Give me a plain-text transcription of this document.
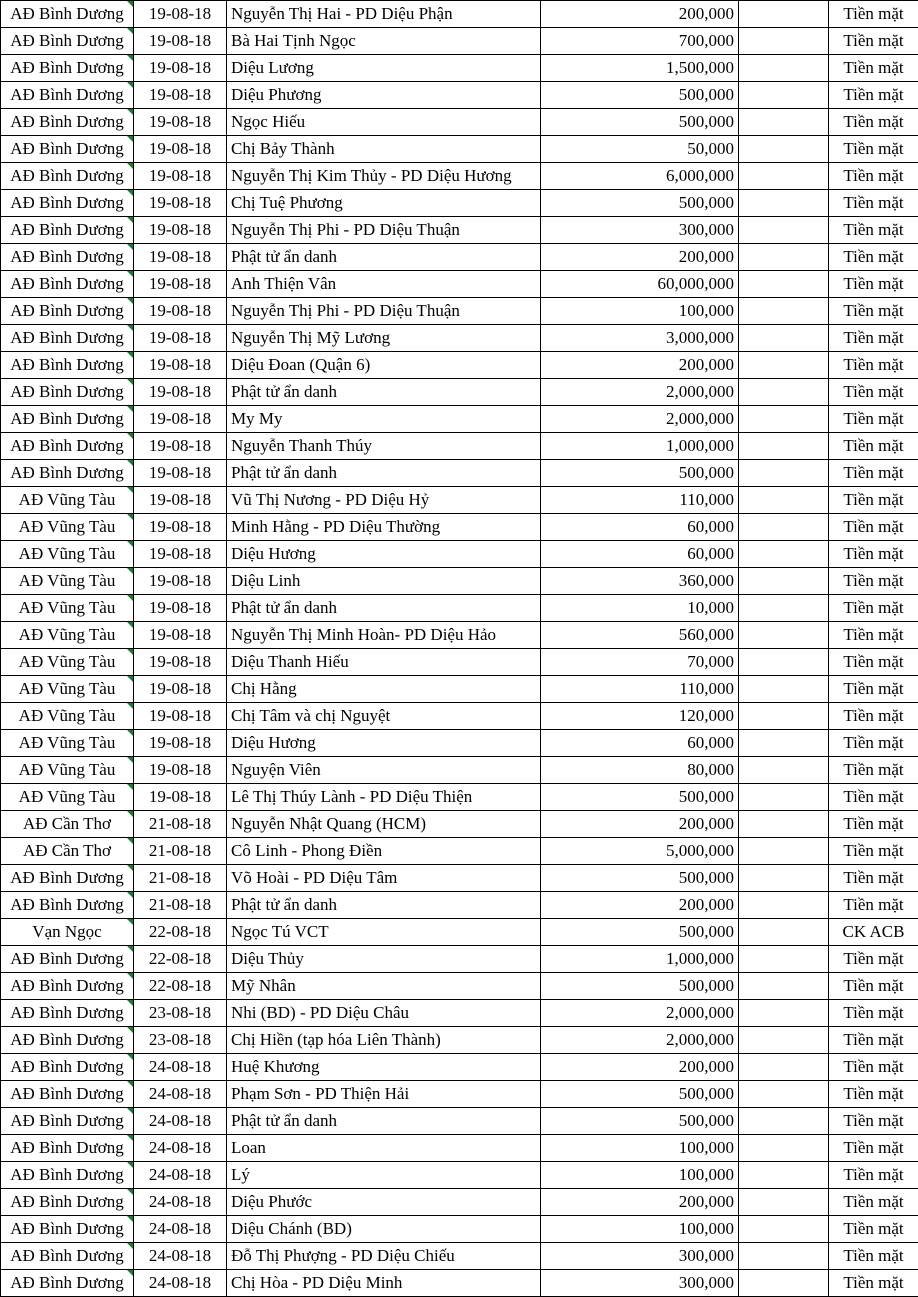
AĐ Bình Dương	19-08-18	Nguyễn Thị Hai - PD Diệu Phận	200,000		Tiền mặt
AĐ Bình Dương	19-08-18	Bà Hai Tịnh Ngọc	700,000		Tiền mặt
AĐ Bình Dương	19-08-18	Diệu Lương	1,500,000		Tiền mặt
AĐ Bình Dương	19-08-18	Diệu Phương	500,000		Tiền mặt
AĐ Bình Dương	19-08-18	Ngọc Hiếu	500,000		Tiền mặt
AĐ Bình Dương	19-08-18	Chị Bảy Thành	50,000		Tiền mặt
AĐ Bình Dương	19-08-18	Nguyễn Thị Kim Thủy - PD Diệu Hương	6,000,000		Tiền mặt
AĐ Bình Dương	19-08-18	Chị Tuệ Phương	500,000		Tiền mặt
AĐ Bình Dương	19-08-18	Nguyễn Thị Phi - PD Diệu Thuận	300,000		Tiền mặt
AĐ Bình Dương	19-08-18	Phật tử ẩn danh	200,000		Tiền mặt
AĐ Bình Dương	19-08-18	Anh Thiện Vân	60,000,000		Tiền mặt
AĐ Bình Dương	19-08-18	Nguyễn Thị Phi - PD Diệu Thuận	100,000		Tiền mặt
AĐ Bình Dương	19-08-18	Nguyễn Thị Mỹ Lương	3,000,000		Tiền mặt
AĐ Bình Dương	19-08-18	Diệu Đoan (Quận 6)	200,000		Tiền mặt
AĐ Bình Dương	19-08-18	Phật tử ẩn danh	2,000,000		Tiền mặt
AĐ Bình Dương	19-08-18	My My	2,000,000		Tiền mặt
AĐ Bình Dương	19-08-18	Nguyễn Thanh Thúy	1,000,000		Tiền mặt
AĐ Bình Dương	19-08-18	Phật tử ẩn danh	500,000		Tiền mặt
AĐ Vũng Tàu	19-08-18	Vũ Thị Nương - PD Diệu Hỷ	110,000		Tiền mặt
AĐ Vũng Tàu	19-08-18	Minh Hằng - PD Diệu Thường	60,000		Tiền mặt
AĐ Vũng Tàu	19-08-18	Diệu Hương	60,000		Tiền mặt
AĐ Vũng Tàu	19-08-18	Diệu Linh	360,000		Tiền mặt
AĐ Vũng Tàu	19-08-18	Phật tử ẩn danh	10,000		Tiền mặt
AĐ Vũng Tàu	19-08-18	Nguyễn Thị Minh Hoàn- PD Diệu Hảo	560,000		Tiền mặt
AĐ Vũng Tàu	19-08-18	Diệu Thanh Hiếu	70,000		Tiền mặt
AĐ Vũng Tàu	19-08-18	Chị Hằng	110,000		Tiền mặt
AĐ Vũng Tàu	19-08-18	Chị Tâm và chị Nguyệt	120,000		Tiền mặt
AĐ Vũng Tàu	19-08-18	Diệu Hương	60,000		Tiền mặt
AĐ Vũng Tàu	19-08-18	Nguyện Viên	80,000		Tiền mặt
AĐ Vũng Tàu	19-08-18	Lê Thị Thúy Lành - PD Diệu Thiện	500,000		Tiền mặt
AĐ Cần Thơ	21-08-18	Nguyễn Nhật Quang (HCM)	200,000		Tiền mặt
AĐ Cần Thơ	21-08-18	Cô Linh - Phong Điền	5,000,000		Tiền mặt
AĐ Bình Dương	21-08-18	Võ Hoài - PD Diệu Tâm	500,000		Tiền mặt
AĐ Bình Dương	21-08-18	Phật tử ẩn danh	200,000		Tiền mặt
Vạn Ngọc	22-08-18	Ngọc Tú VCT	500,000		CK ACB
AĐ Bình Dương	22-08-18	Diệu Thủy	1,000,000		Tiền mặt
AĐ Bình Dương	22-08-18	Mỹ Nhân	500,000		Tiền mặt
AĐ Bình Dương	23-08-18	Nhi (BD) - PD Diệu Châu	2,000,000		Tiền mặt
AĐ Bình Dương	23-08-18	Chị Hiền (tạp hóa Liên Thành)	2,000,000		Tiền mặt
AĐ Bình Dương	24-08-18	Huệ Khương	200,000		Tiền mặt
AĐ Bình Dương	24-08-18	Phạm Sơn - PD Thiện Hải	500,000		Tiền mặt
AĐ Bình Dương	24-08-18	Phật tử ẩn danh	500,000		Tiền mặt
AĐ Bình Dương	24-08-18	Loan	100,000		Tiền mặt
AĐ Bình Dương	24-08-18	Lý	100,000		Tiền mặt
AĐ Bình Dương	24-08-18	Diệu Phước	200,000		Tiền mặt
AĐ Bình Dương	24-08-18	Diệu Chánh (BD)	100,000		Tiền mặt
AĐ Bình Dương	24-08-18	Đỗ Thị Phượng - PD Diệu Chiếu	300,000		Tiền mặt
AĐ Bình Dương	24-08-18	Chị Hòa - PD Diệu Minh	300,000		Tiền mặt
